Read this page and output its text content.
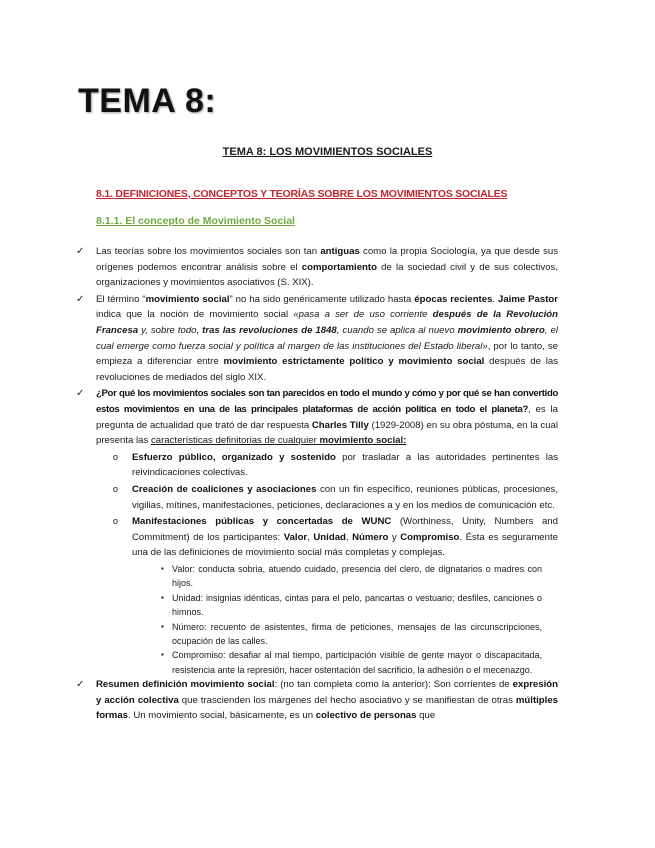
TEMA 8:
TEMA 8: LOS MOVIMIENTOS SOCIALES
8.1. DEFINICIONES, CONCEPTOS Y TEORÍAS SOBRE LOS MOVIMIENTOS SOCIALES
8.1.1. El concepto de Movimiento Social

✓ Las teorías sobre los movimientos sociales son tan antiguas como la propia Sociología, ya que desde sus orígenes podemos encontrar análisis sobre el comportamiento de la sociedad civil y de sus colectivos, organizaciones y movimientos asociativos (S. XIX).

✓ El término “movimiento social” no ha sido genéricamente utilizado hasta épocas recientes. Jaime Pastor indica que la noción de movimiento social «pasa a ser de uso corriente después de la Revolución Francesa y, sobre todo, tras las revoluciones de 1848, cuando se aplica al nuevo movimiento obrero, el cual emerge como fuerza social y política al margen de las instituciones del Estado liberal», por lo tanto, se empieza a diferenciar entre movimiento estrictamente político y movimiento social después de las revoluciones de mediados del siglo XIX.

✓ ¿Por qué los movimientos sociales son tan parecidos en todo el mundo y cómo y por qué se han convertido estos movimientos en una de las principales plataformas de acción política en todo el planeta?, es la pregunta de actualidad que trató de dar respuesta Charles Tilly (1929-2008) en su obra póstuma, en la cual presenta las características definitorias de cualquier movimiento social:

o Esfuerzo público, organizado y sostenido por trasladar a las autoridades pertinentes las reivindicaciones colectivas.
o Creación de coaliciones y asociaciones con un fin específico, reuniones públicas, procesiones, vigilias, mítines, manifestaciones, peticiones, declaraciones a y en los medios de comunicación etc.
o Manifestaciones públicas y concertadas de WUNC (Worthiness, Unity, Numbers and Commitment) de los participantes: Valor, Unidad, Número y Compromiso. Ésta es seguramente una de las definiciones de movimiento social más completas y complejas.
▪ Valor: conducta sobria, atuendo cuidado, presencia del clero, de dignatarios o madres con hijos.
▪ Unidad: insignias idénticas, cintas para el pelo, pancartas o vestuario; desfiles, canciones o himnos.
▪ Número: recuento de asistentes, firma de peticiones, mensajes de las circunscripciones, ocupación de las calles.
▪ Compromiso: desafiar al mal tiempo, participación visible de gente mayor o discapacitada, resistencia ante la represión, hacer ostentación del sacrificio, la adhesión o el mecenazgo.

✓ Resumen definición movimiento social: (no tan completa como la anterior): Son corrientes de expresión y acción colectiva que trascienden los márgenes del hecho asociativo y se manifiestan de otras múltiples formas. Un movimiento social, básicamente, es un colectivo de personas que
